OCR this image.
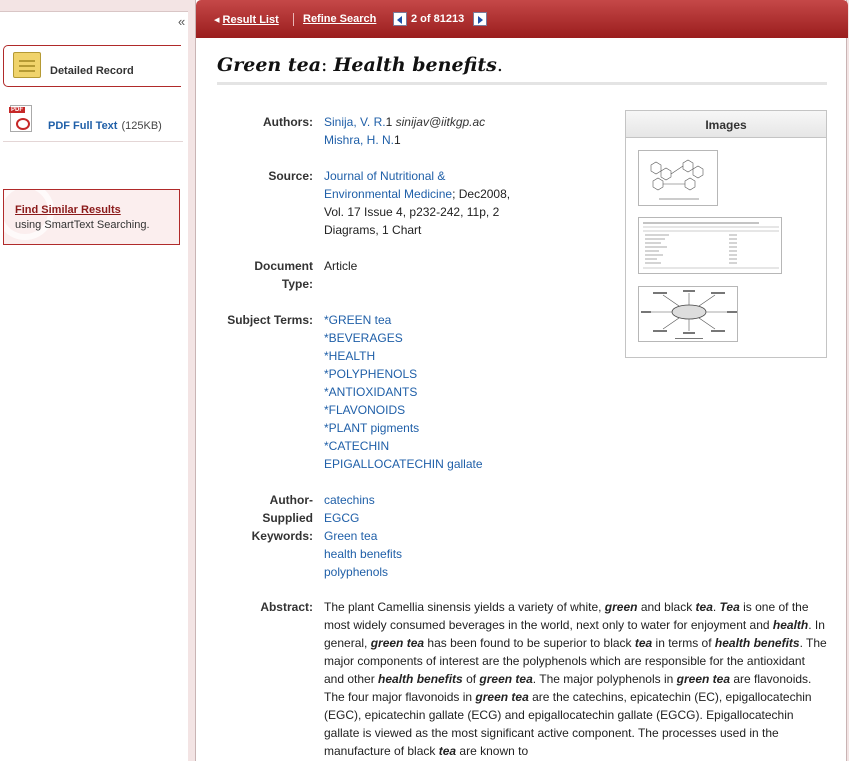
«
Detailed Record
PDF
PDF Full Text (125KB)
Find Similar Results
using SmartText Searching.
◂ Result List Refine Search	2 of 81213
Green tea: Health benefits.
Authors: Sinija, V. R.1 sinijav@iitkgp.ac
Mishra, H. N.1
Source: Journal of Nutritional &
Environmental Medicine; Dec2008,
Vol. 17 Issue 4, p232-242, 11p, 2
Diagrams, 1 Chart
Document
Type:
Article
Subject Terms: *GREEN tea
*BEVERAGES
*HEALTH
*POLYPHENOLS
*ANTIOXIDANTS
*FLAVONOIDS
*PLANT pigments
*CATECHIN
EPIGALLOCATECHIN gallate
Author-
Supplied
Keywords:
catechins
EGCG
Green tea
health benefits
polyphenols
Abstract: The plant Camellia sinensis yields a variety of white, green and black tea. Tea is one of the most widely consumed beverages in the world, next only to water for enjoyment and health. In general, green tea has been found to be superior to black tea in terms of health benefits. The major components of interest are the polyphenols which are responsible for the antioxidant and other health benefits of green tea. The major polyphenols in green tea are flavonoids. The four major flavonoids in green tea are the catechins, epicatechin (EC), epigallocatechin (EGC), epicatechin gallate (ECG) and epigallocatechin gallate (EGCG). Epigallocatechin gallate is viewed as the most significant active component. The processes used in the manufacture of black tea are known to
Images
